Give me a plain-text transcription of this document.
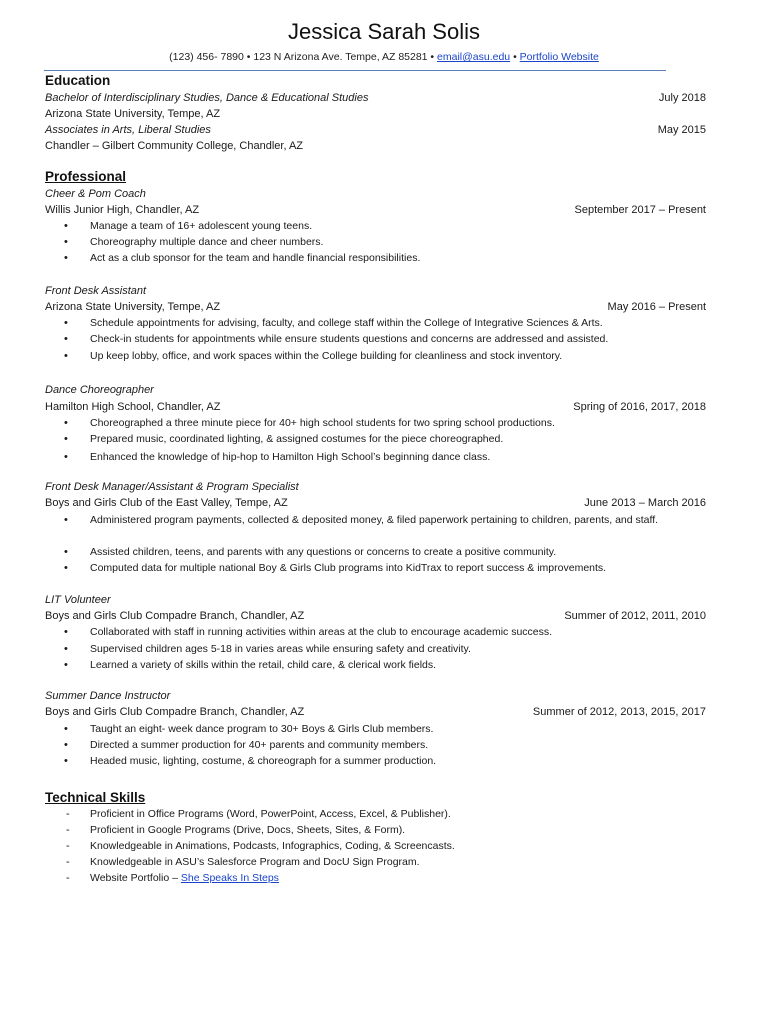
Jessica Sarah Solis
(123) 456- 7890 • 123 N Arizona Ave. Tempe, AZ 85281 • email@asu.edu • Portfolio Website
Education
Bachelor of Interdisciplinary Studies, Dance & Educational Studies	July 2018
Arizona State University, Tempe, AZ
Associates in Arts, Liberal Studies	May 2015
Chandler – Gilbert Community College, Chandler, AZ
Professional
Cheer & Pom Coach
Willis Junior High, Chandler, AZ	September 2017 – Present
• Manage a team of 16+ adolescent young teens.
• Choreography multiple dance and cheer numbers.
• Act as a club sponsor for the team and handle financial responsibilities.
Front Desk Assistant
Arizona State University, Tempe, AZ	May 2016 – Present
• Schedule appointments for advising, faculty, and college staff within the College of Integrative Sciences & Arts.
• Check-in students for appointments while ensure students questions and concerns are addressed and assisted.
• Up keep lobby, office, and work spaces within the College building for cleanliness and stock inventory.
Dance Choreographer
Hamilton High School, Chandler, AZ	Spring of 2016, 2017, 2018
• Choreographed a three minute piece for 40+ high school students for two spring school productions.
• Prepared music, coordinated lighting, & assigned costumes for the piece choreographed.
• Enhanced the knowledge of hip-hop to Hamilton High School’s beginning dance class.
Front Desk Manager/Assistant & Program Specialist
Boys and Girls Club of the East Valley, Tempe, AZ	June 2013 – March 2016
• Administered program payments, collected & deposited money, & filed paperwork pertaining to children, parents, and staff.
• Assisted children, teens, and parents with any questions or concerns to create a positive community.
• Computed data for multiple national Boy & Girls Club programs into KidTrax to report success & improvements.
LIT Volunteer
Boys and Girls Club Compadre Branch, Chandler, AZ	Summer of 2012, 2011, 2010
• Collaborated with staff in running activities within areas at the club to encourage academic success.
• Supervised children ages 5-18 in varies areas while ensuring safety and creativity.
• Learned a variety of skills within the retail, child care, & clerical work fields.
Summer Dance Instructor
Boys and Girls Club Compadre Branch, Chandler, AZ	Summer of 2012, 2013, 2015, 2017
• Taught an eight- week dance program to 30+ Boys & Girls Club members.
• Directed a summer production for 40+ parents and community members.
• Headed music, lighting, costume, & choreograph for a summer production.
Technical Skills
- Proficient in Office Programs (Word, PowerPoint, Access, Excel, & Publisher).
- Proficient in Google Programs (Drive, Docs, Sheets, Sites, & Form).
- Knowledgeable in Animations, Podcasts, Infographics, Coding, & Screencasts.
- Knowledgeable in ASU’s Salesforce Program and DocU Sign Program.
- Website Portfolio – She Speaks In Steps
